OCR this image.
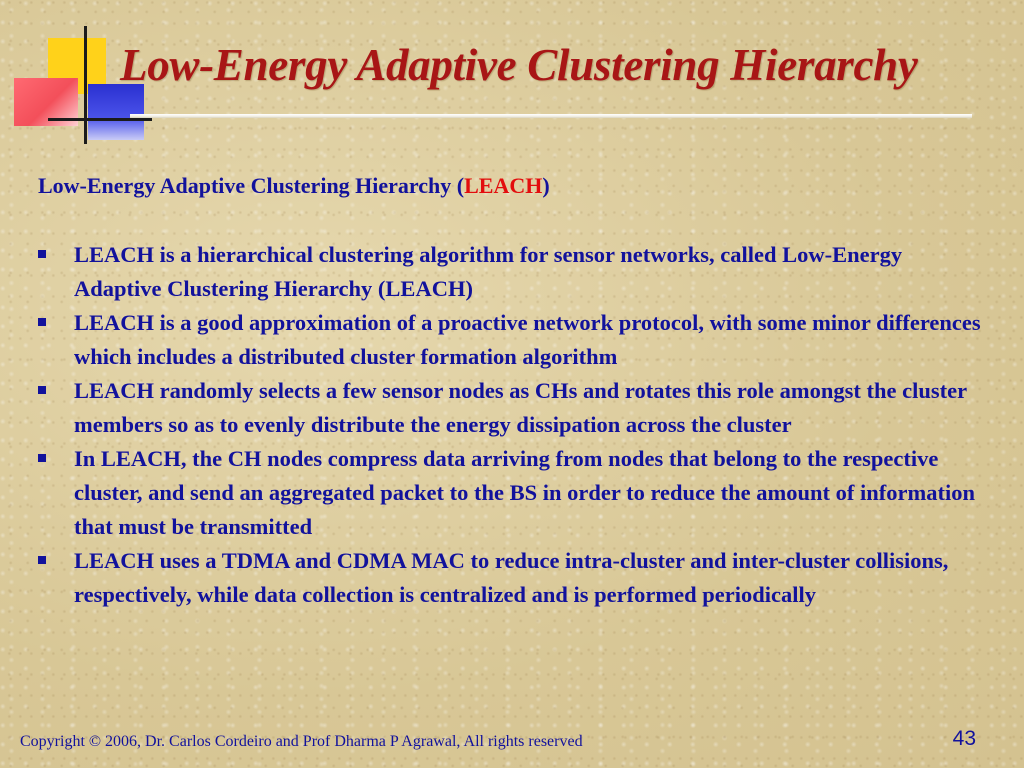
Low-Energy Adaptive Clustering Hierarchy

Low-Energy Adaptive Clustering Hierarchy (LEACH)

LEACH is a hierarchical clustering algorithm for sensor networks, called Low-Energy Adaptive Clustering Hierarchy (LEACH)
LEACH is a good approximation of a proactive network protocol, with some minor differences which includes a distributed cluster formation algorithm
LEACH randomly selects a few sensor nodes as CHs and rotates this role amongst the cluster members so as to evenly distribute the energy dissipation across the cluster
In LEACH, the CH nodes compress data arriving from nodes that belong to the respective cluster, and send an aggregated packet to the BS in order to reduce the amount of information that must be transmitted
LEACH uses a TDMA and CDMA MAC to reduce intra-cluster and inter-cluster collisions, respectively, while data collection is centralized and is performed periodically

Copyright © 2006, Dr. Carlos Cordeiro and Prof Dharma P Agrawal, All rights reserved	43
